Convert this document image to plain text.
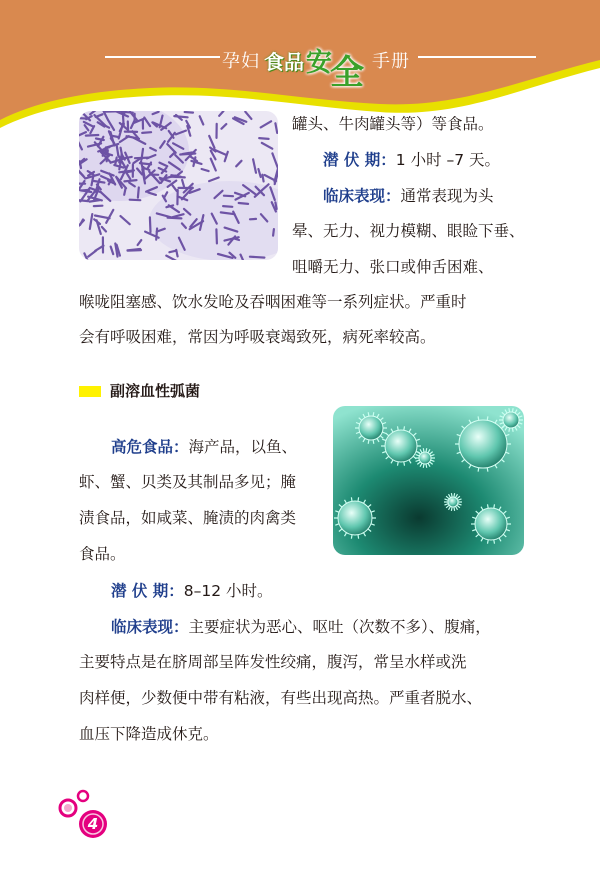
孕妇 食品 安
全 手册
罐头、牛肉罐头等）等食品。
潜 伏 期：1 小时 –7 天。
临床表现：通常表现为头
晕、无力、视力模糊、眼睑下垂、
咀嚼无力、张口或伸舌困难、
喉咙阻塞感、饮水发呛及吞咽困难等一系列症状。严重时
会有呼吸困难，常因为呼吸衰竭致死，病死率较高。
副溶血性弧菌
高危食品：海产品，以鱼、
虾、蟹、贝类及其制品多见；腌
渍食品，如咸菜、腌渍的肉禽类
食品。
潜 伏 期：8–12 小时。
临床表现：主要症状为恶心、呕吐（次数不多）、腹痛，
主要特点是在脐周部呈阵发性绞痛，腹泻，常呈水样或洗
肉样便，少数便中带有粘液，有些出现高热。严重者脱水、
血压下降造成休克。
4
